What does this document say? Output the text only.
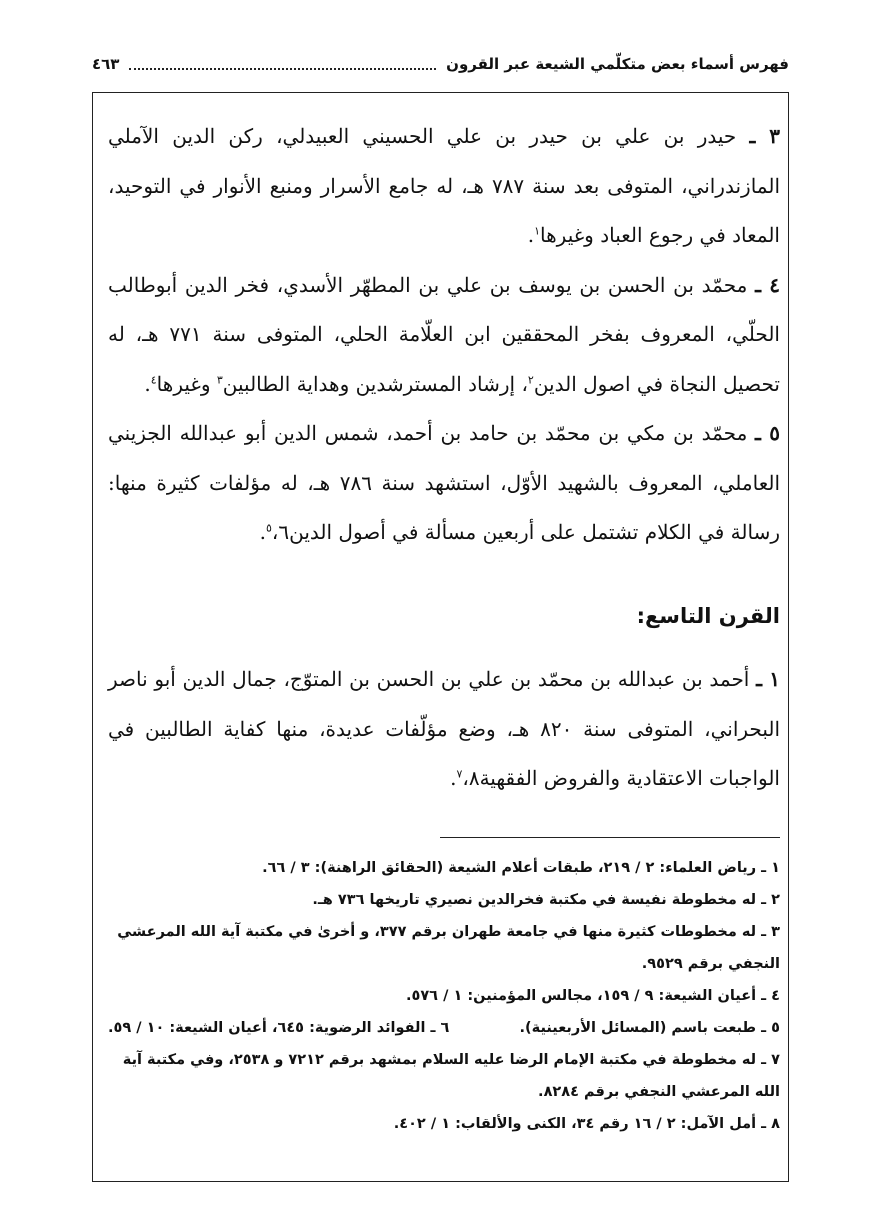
فهرس أسماء بعض متكلّمي الشيعة عبر القرون
٤٦٣

٣ ـ حيدر بن علي بن حيدر بن علي الحسيني العبيدلي، ركن الدين الآملي المازندراني، المتوفى بعد سنة ٧٨٧ هـ، له جامع الأسرار ومنبع الأنوار في التوحيد، المعاد في رجوع العباد وغيرها$^١$.

٤ ـ محمّد بن الحسن بن يوسف بن علي بن المطهّر الأسدي، فخر الدين أبوطالب الحلّي، المعروف بفخر المحققين ابن العلّامة الحلي، المتوفى سنة ٧٧١ هـ، له تحصيل النجاة في اصول الدين$^٢$، إرشاد المسترشدين وهداية الطالبين$^٣$ وغيرها$^٤$.

٥ ـ محمّد بن مكي بن محمّد بن حامد بن أحمد، شمس الدين أبو عبدالله الجزيني العاملي، المعروف بالشهيد الأوّل، استشهد سنة ٧٨٦ هـ، له مؤلفات كثيرة منها: رسالة في الكلام تشتمل على أربعين مسألة في أصول الدين$^٥$،٦.

القرن التاسع:

١ ـ أحمد بن عبدالله بن محمّد بن علي بن الحسن بن المتوّج، جمال الدين أبو ناصر البحراني، المتوفى سنة ٨٢٠ هـ، وضع مؤلّفات عديدة، منها كفاية الطالبين في الواجبات الاعتقادية والفروض الفقهية$^٧$،٨.

١ ـ رياض العلماء: ٢ / ٢١٩، طبقات أعلام الشيعة (الحقائق الراهنة): ٣ / ٦٦.

٢ ـ له مخطوطة نفيسة في مكتبة فخرالدين نصيري تاريخها ٧٣٦ هـ.

٣ ـ له مخطوطات كثيرة منها في جامعة طهران برقم ٣٧٧، و أخرىٰ في مكتبة آية الله المرعشي النجفي برقم ٩٥٢٩.

٤ ـ أعيان الشيعة: ٩ / ١٥٩، مجالس المؤمنين: ١ / ٥٧٦.

٥ ـ طبعت باسم (المسائل الأربعينية).
٦ ـ الفوائد الرضوية: ٦٤٥، أعيان الشيعة: ١٠ / ٥٩.

٧ ـ له مخطوطة في مكتبة الإمام الرضا عليه السلام بمشهد برقم ٧٢١٢ و ٢٥٣٨، وفي مكتبة آية الله المرعشي النجفي برقم ٨٢٨٤.

٨ ـ أمل الآمل: ٢ / ١٦ رقم ٣٤، الكنى والألقاب: ١ / ٤٠٢.
